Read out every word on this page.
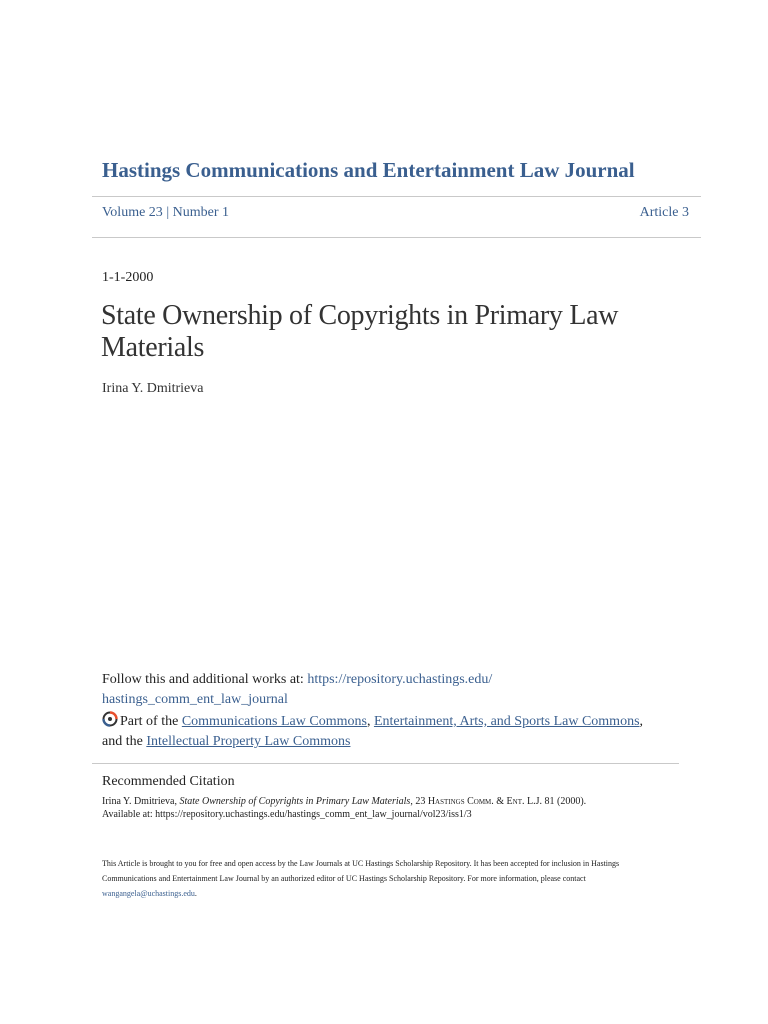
Hastings Communications and Entertainment Law Journal
Volume 23 | Number 1	Article 3
1-1-2000
State Ownership of Copyrights in Primary Law Materials
Irina Y. Dmitrieva
Follow this and additional works at: https://repository.uchastings.edu/
hastings_comm_ent_law_journal
Part of the Communications Law Commons, Entertainment, Arts, and Sports Law Commons,
and the Intellectual Property Law Commons
Recommended Citation
Irina Y. Dmitrieva, State Ownership of Copyrights in Primary Law Materials, 23 Hastings Comm. & Ent. L.J. 81 (2000).
Available at: https://repository.uchastings.edu/hastings_comm_ent_law_journal/vol23/iss1/3
This Article is brought to you for free and open access by the Law Journals at UC Hastings Scholarship Repository. It has been accepted for inclusion in Hastings Communications and Entertainment Law Journal by an authorized editor of UC Hastings Scholarship Repository. For more information, please contact wangangela@uchastings.edu.
